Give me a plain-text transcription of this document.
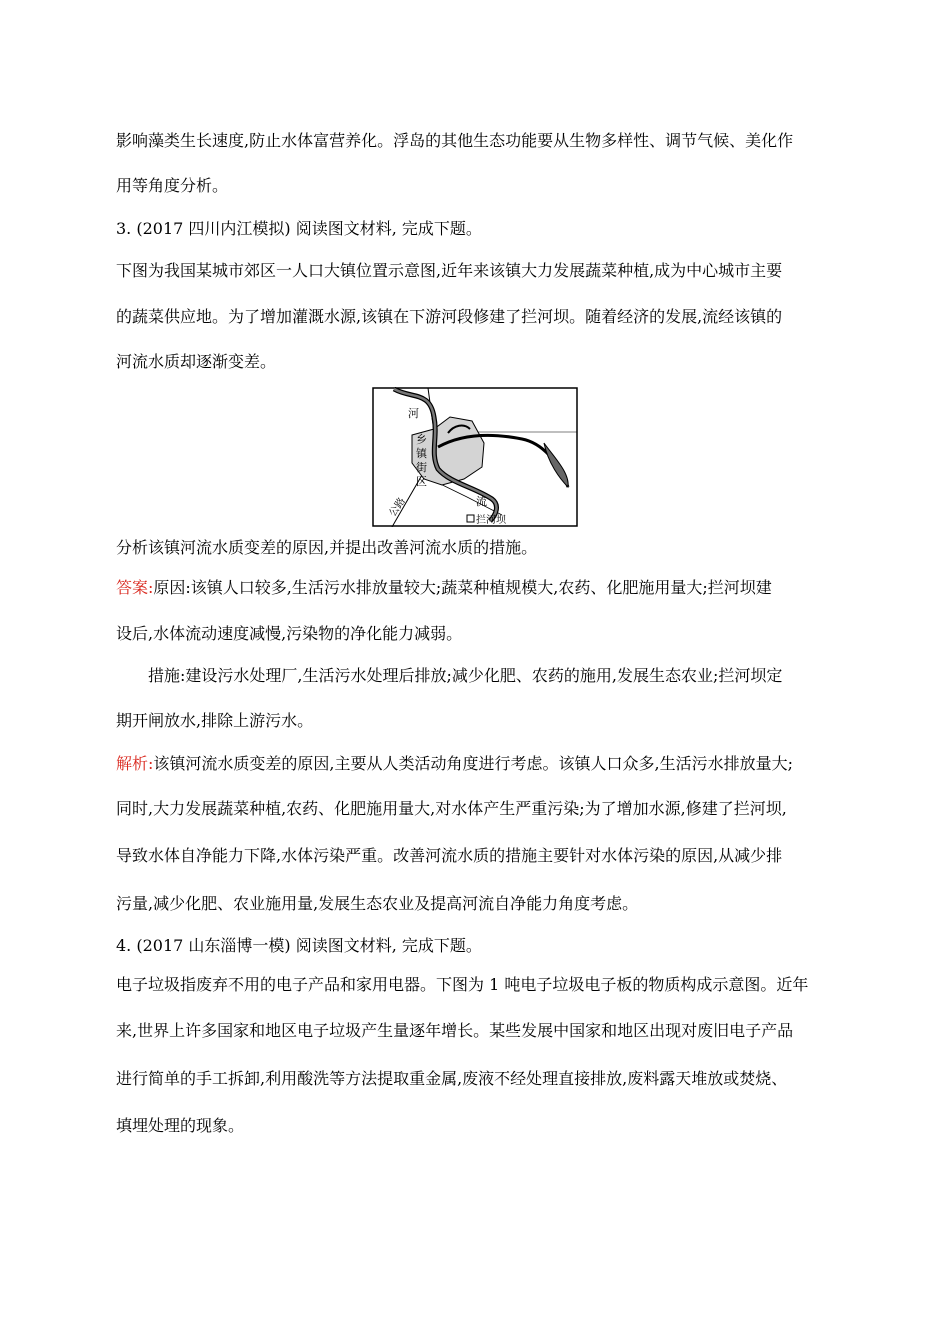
影响藻类生长速度,防止水体富营养化。浮岛的其他生态功能要从生物多样性、调节气候、美化作
用等角度分析。
3. (2017 四川内江模拟) 阅读图文材料, 完成下题。
下图为我国某城市郊区一人口大镇位置示意图,近年来该镇大力发展蔬菜种植,成为中心城市主要
的蔬菜供应地。为了增加灌溉水源,该镇在下游河段修建了拦河坝。随着经济的发展,流经该镇的
河流水质却逐渐变差。
河
乡
镇
街
区
公路	流
拦河坝
分析该镇河流水质变差的原因,并提出改善河流水质的措施。
答案:原因:该镇人口较多,生活污水排放量较大;蔬菜种植规模大,农药、化肥施用量大;拦河坝建
设后,水体流动速度减慢,污染物的净化能力减弱。
措施:建设污水处理厂,生活污水处理后排放;减少化肥、农药的施用,发展生态农业;拦河坝定
期开闸放水,排除上游污水。
解析:该镇河流水质变差的原因,主要从人类活动角度进行考虑。该镇人口众多,生活污水排放量大;
同时,大力发展蔬菜种植,农药、化肥施用量大,对水体产生严重污染;为了增加水源,修建了拦河坝,
导致水体自净能力下降,水体污染严重。改善河流水质的措施主要针对水体污染的原因,从减少排
污量,减少化肥、农业施用量,发展生态农业及提高河流自净能力角度考虑。
4. (2017 山东淄博一模) 阅读图文材料, 完成下题。
电子垃圾指废弃不用的电子产品和家用电器。下图为 1 吨电子垃圾电子板的物质构成示意图。近年
来,世界上许多国家和地区电子垃圾产生量逐年增长。某些发展中国家和地区出现对废旧电子产品
进行简单的手工拆卸,利用酸洗等方法提取重金属,废液不经处理直接排放,废料露天堆放或焚烧、
填埋处理的现象。
